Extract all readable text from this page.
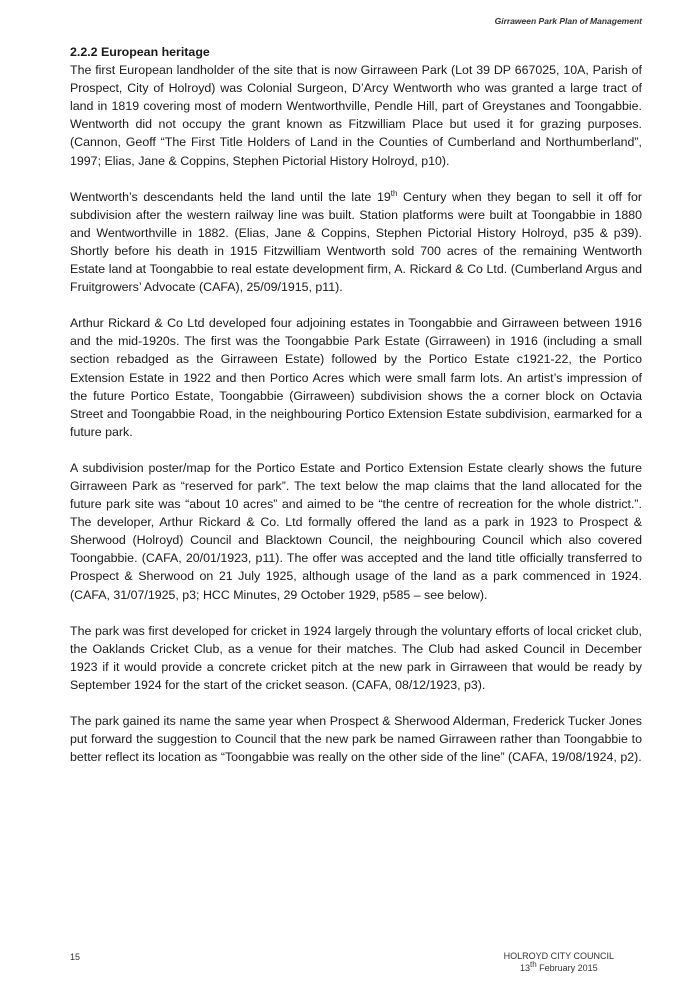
Girraween Park Plan of Management

2.2.2 European heritage

The first European landholder of the site that is now Girraween Park (Lot 39 DP 667025, 10A, Parish of Prospect, City of Holroyd) was Colonial Surgeon, D’Arcy Wentworth who was granted a large tract of land in 1819 covering most of modern Wentworthville, Pendle Hill, part of Greystanes and Toongabbie. Wentworth did not occupy the grant known as Fitzwilliam Place but used it for grazing purposes. (Cannon, Geoff “The First Title Holders of Land in the Counties of Cumberland and Northumberland”, 1997; Elias, Jane & Coppins, Stephen Pictorial History Holroyd, p10).

Wentworth’s descendants held the land until the late 19th Century when they began to sell it off for subdivision after the western railway line was built. Station platforms were built at Toongabbie in 1880 and Wentworthville in 1882. (Elias, Jane & Coppins, Stephen Pictorial History Holroyd, p35 & p39). Shortly before his death in 1915 Fitzwilliam Wentworth sold 700 acres of the remaining Wentworth Estate land at Toongabbie to real estate development firm, A. Rickard & Co Ltd. (Cumberland Argus and Fruitgrowers’ Advocate (CAFA), 25/09/1915, p11).

Arthur Rickard & Co Ltd developed four adjoining estates in Toongabbie and Girraween between 1916 and the mid-1920s. The first was the Toongabbie Park Estate (Girraween) in 1916 (including a small section rebadged as the Girraween Estate) followed by the Portico Estate c1921-22, the Portico Extension Estate in 1922 and then Portico Acres which were small farm lots. An artist’s impression of the future Portico Estate, Toongabbie (Girraween) subdivision shows the a corner block on Octavia Street and Toongabbie Road, in the neighbouring Portico Extension Estate subdivision, earmarked for a future park.

A subdivision poster/map for the Portico Estate and Portico Extension Estate clearly shows the future Girraween Park as “reserved for park”. The text below the map claims that the land allocated for the future park site was “about 10 acres” and aimed to be “the centre of recreation for the whole district.”. The developer, Arthur Rickard & Co. Ltd formally offered the land as a park in 1923 to Prospect & Sherwood (Holroyd) Council and Blacktown Council, the neighbouring Council which also covered Toongabbie. (CAFA, 20/01/1923, p11). The offer was accepted and the land title officially transferred to Prospect & Sherwood on 21 July 1925, although usage of the land as a park commenced in 1924. (CAFA, 31/07/1925, p3; HCC Minutes, 29 October 1929, p585 – see below).

The park was first developed for cricket in 1924 largely through the voluntary efforts of local cricket club, the Oaklands Cricket Club, as a venue for their matches. The Club had asked Council in December 1923 if it would provide a concrete cricket pitch at the new park in Girraween that would be ready by September 1924 for the start of the cricket season. (CAFA, 08/12/1923, p3).

The park gained its name the same year when Prospect & Sherwood Alderman, Frederick Tucker Jones put forward the suggestion to Council that the new park be named Girraween rather than Toongabbie to better reflect its location as “Toongabbie was really on the other side of the line” (CAFA, 19/08/1924, p2).

15	HOLROYD CITY COUNCIL
13th February 2015
